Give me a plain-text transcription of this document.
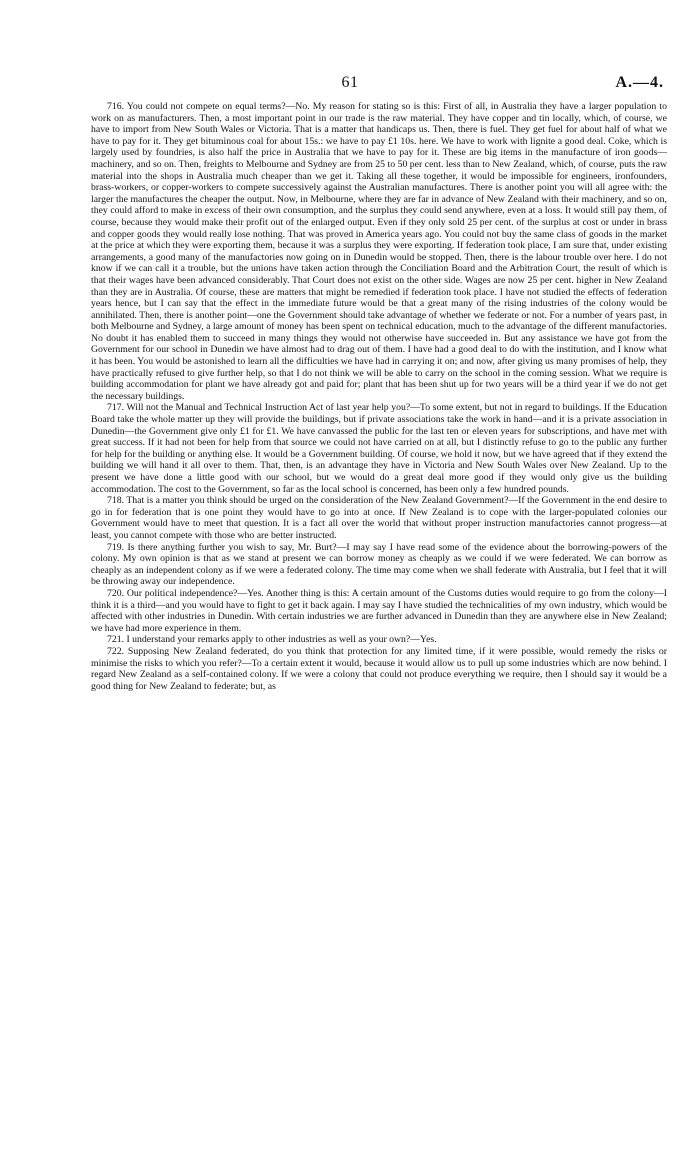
61	A.—4.

716. You could not compete on equal terms?—No. My reason for stating so is this: First of all, in Australia they have a larger population to work on as manufacturers. Then, a most important point in our trade is the raw material. They have copper and tin locally, which, of course, we have to import from New South Wales or Victoria. That is a matter that handicaps us. Then, there is fuel. They get fuel for about half of what we have to pay for it. They get bituminous coal for about 15s.: we have to pay £1 10s. here. We have to work with lignite a good deal. Coke, which is largely used by foundries, is also half the price in Australia that we have to pay for it. These are big items in the manufacture of iron goods—machinery, and so on. Then, freights to Melbourne and Sydney are from 25 to 50 per cent. less than to New Zealand, which, of course, puts the raw material into the shops in Australia much cheaper than we get it. Taking all these together, it would be impossible for engineers, ironfounders, brass-workers, or copper-workers to compete successively against the Australian manufactures. There is another point you will all agree with: the larger the manufactures the cheaper the output. Now, in Melbourne, where they are far in advance of New Zealand with their machinery, and so on, they could afford to make in excess of their own consumption, and the surplus they could send anywhere, even at a loss. It would still pay them, of course, because they would make their profit out of the enlarged output. Even if they only sold 25 per cent. of the surplus at cost or under in brass and copper goods they would really lose nothing. That was proved in America years ago. You could not buy the same class of goods in the market at the price at which they were exporting them, because it was a surplus they were exporting. If federation took place, I am sure that, under existing arrangements, a good many of the manufactories now going on in Dunedin would be stopped. Then, there is the labour trouble over here. I do not know if we can call it a trouble, but the unions have taken action through the Conciliation Board and the Arbitration Court, the result of which is that their wages have been advanced considerably. That Court does not exist on the other side. Wages are now 25 per cent. higher in New Zealand than they are in Australia. Of course, these are matters that might be remedied if federation took place. I have not studied the effects of federation years hence, but I can say that the effect in the immediate future would be that a great many of the rising industries of the colony would be annihilated. Then, there is another point—one the Government should take advantage of whether we federate or not. For a number of years past, in both Melbourne and Sydney, a large amount of money has been spent on technical education, much to the advantage of the different manufactories. No doubt it has enabled them to succeed in many things they would not otherwise have succeeded in. But any assistance we have got from the Government for our school in Dunedin we have almost had to drag out of them. I have had a good deal to do with the institution, and I know what it has been. You would be astonished to learn all the difficulties we have had in carrying it on; and now, after giving us many promises of help, they have practically refused to give further help, so that I do not think we will be able to carry on the school in the coming session. What we require is building accommodation for plant we have already got and paid for; plant that has been shut up for two years will be a third year if we do not get the necessary buildings.

717. Will not the Manual and Technical Instruction Act of last year help you?—To some extent, but not in regard to buildings. If the Education Board take the whole matter up they will provide the buildings, but if private associations take the work in hand—and it is a private association in Dunedin—the Government give only £1 for £1. We have canvassed the public for the last ten or eleven years for subscriptions, and have met with great success. If it had not been for help from that source we could not have carried on at all, but I distinctly refuse to go to the public any further for help for the building or anything else. It would be a Government building. Of course, we hold it now, but we have agreed that if they extend the building we will hand it all over to them. That, then, is an advantage they have in Victoria and New South Wales over New Zealand. Up to the present we have done a little good with our school, but we would do a great deal more good if they would only give us the building accommodation. The cost to the Government, so far as the local school is concerned, has been only a few hundred pounds.

718. That is a matter you think should be urged on the consideration of the New Zealand Government?—If the Government in the end desire to go in for federation that is one point they would have to go into at once. If New Zealand is to cope with the larger-populated colonies our Government would have to meet that question. It is a fact all over the world that without proper instruction manufactories cannot progress—at least, you cannot compete with those who are better instructed.

719. Is there anything further you wish to say, Mr. Burt?—I may say I have read some of the evidence about the borrowing-powers of the colony. My own opinion is that as we stand at present we can borrow money as cheaply as we could if we were federated. We can borrow as cheaply as an independent colony as if we were a federated colony. The time may come when we shall federate with Australia, but I feel that it will be throwing away our independence.

720. Our political independence?—Yes. Another thing is this: A certain amount of the Customs duties would require to go from the colony—I think it is a third—and you would have to fight to get it back again. I may say I have studied the technicalities of my own industry, which would be affected with other industries in Dunedin. With certain industries we are further advanced in Dunedin than they are anywhere else in New Zealand; we have had more experience in them.

721. I understand your remarks apply to other industries as well as your own?—Yes.

722. Supposing New Zealand federated, do you think that protection for any limited time, if it were possible, would remedy the risks or minimise the risks to which you refer?—To a certain extent it would, because it would allow us to pull up some industries which are now behind. I regard New Zealand as a self-contained colony. If we were a colony that could not produce everything we require, then I should say it would be a good thing for New Zealand to federate; but, as
